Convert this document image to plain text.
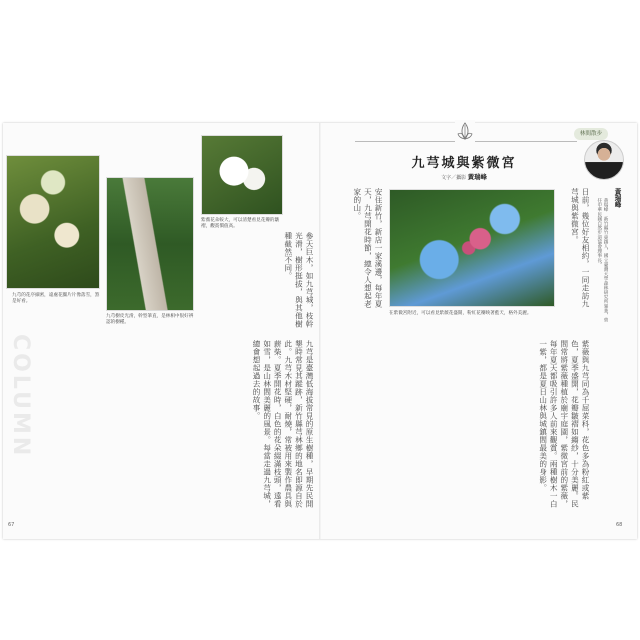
九芎的花序細密，遠處花團片片像落雪，煞是好看。
九芎樹皮光滑，幹型筆直，是林相中很好辨認的樹種。
紫薇花朵較大，可以清楚看見花瓣的皺褶，觀賞價值高。
COLUMN
參天巨木，如九芎城，枝幹光滑，樹形挺拔，與其他樹種截然不同。
九芎是臺灣低海拔常見的原生樹種，早期先民開墾時常見其蹤跡，新竹縣芎林鄉的地名即源自於此。九芎木材堅硬，耐燒，常被用來製作農具與薪柴。夏季開花時，白色的花朵綴滿枝頭，遠看如雪，是山林間美麗的風景。每當走過九芎城，總會想起過去的故事。
67
九芎城與紫微宮
文字／攝影 黃瑞峰
林間散步
黃瑞峰
黃瑞峰　新竹縣竹東鎮人，國立臺灣大學森林研究所畢業，曾任中華民國自然步道協會理事長。
在紫微宮附近，可以看見紫薇花盛開，粉紅花瓣映著藍天，格外美麗。
日前，幾位好友相約，一同走訪九芎城與紫微宮。
安住新竹，新店一家溪邊，每年夏天，九芎開花時節，總令人想起老家的山。
紫薇與九芎同為千屈菜科，花色多為粉紅或紫色，夏季盛開，花瓣皺褶如縐紗，十分美麗。民間常將紫薇種植於廟宇庭園，紫微宮前的紫薇，每年夏天都吸引許多人前來觀賞。兩種樹木一白一紫，都是夏日山林與城鎮間最美的身影。
68
